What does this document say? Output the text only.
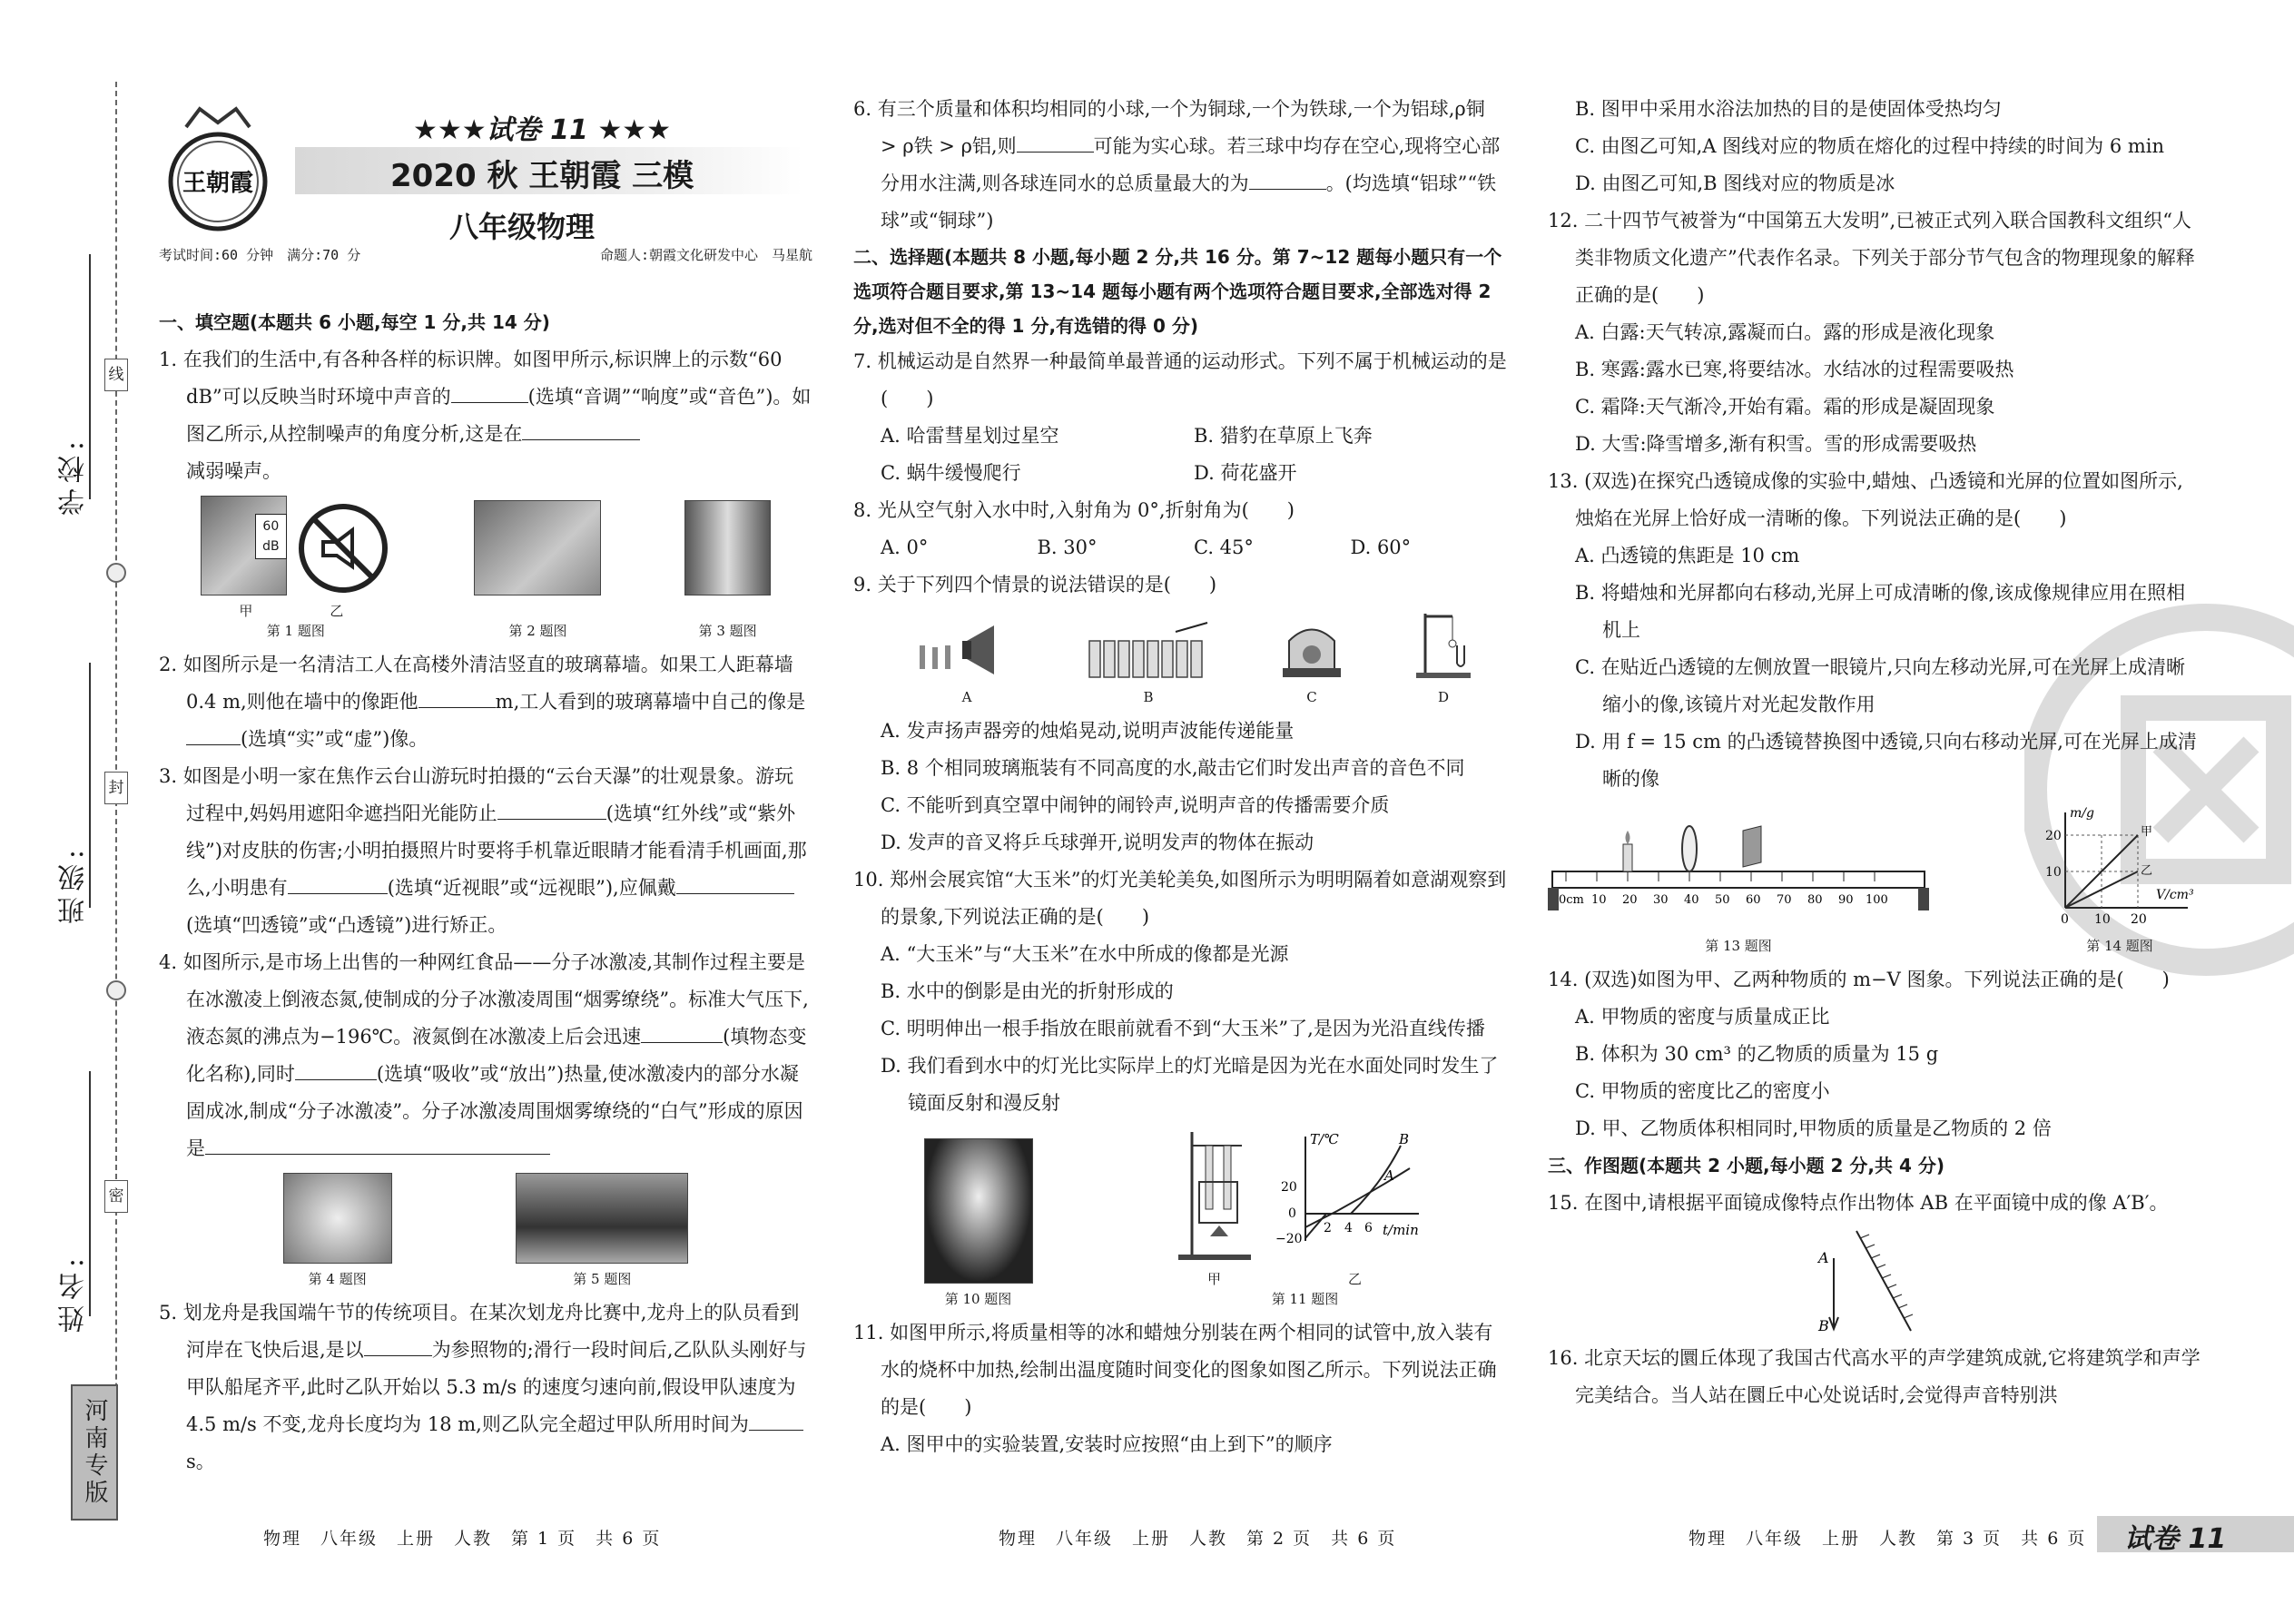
学校:
班级:
姓名:
线
封
密
河南专版
王朝霞
★★★试卷 11 ★★★
2020 秋 王朝霞 三模
八年级物理
考试时间:60 分钟　满分:70 分	命题人:朝霞文化研发中心　马星航
一、填空题(本题共 6 小题,每空 1 分,共 14 分)
1. 在我们的生活中,有各种各样的标识牌。如图甲所示,标识牌上的示数“60 dB”可以反映当时环境中声音的	(选填“音调”“响度”或“音色”)。如图乙所示,从控制噪声的角度分析,这是在
减弱噪声。
60 dB
甲	乙
第 1 题图	第 2 题图	第 3 题图
2. 如图所示是一名清洁工人在高楼外清洁竖直的玻璃幕墙。如果工人距幕墙 0.4 m,则他在墙中的像距他	m,工人看到的玻璃幕墙中自己的像是(选填“实”或“虚”)像。
3. 如图是小明一家在焦作云台山游玩时拍摄的“云台天瀑”的壮观景象。游玩过程中,妈妈用遮阳伞遮挡阳光能防止	(选填“红外线”或“紫外线”)对皮肤的伤害;小明拍摄照片时要将手机靠近眼睛才能看清手机画面,那么,小明患有	(选填“近视眼”或“远视眼”),应佩戴(选填“凹透镜”或“凸透镜”)进行矫正。
4. 如图所示,是市场上出售的一种网红食品——分子冰激凌,其制作过程主要是在冰激凌上倒液态氮,使制成的分子冰激凌周围“烟雾缭绕”。标准大气压下,液态氮的沸点为−196℃。液氮倒在冰激凌上后会迅速	(填物态变化名称),同时	(选填“吸收”或“放出”)热量,使冰激凌内的部分水凝固成冰,制成“分子冰激凌”。分子冰激凌周围烟雾缭绕的“白气”形成的原因是
第 4 题图	第 5 题图
5. 划龙舟是我国端午节的传统项目。在某次划龙舟比赛中,龙舟上的队员看到河岸在飞快后退,是以	为参照物的;滑行一段时间后,乙队队头刚好与甲队船尾齐平,此时乙队开始以 5.3 m/s 的速度匀速向前,假设甲队速度为 4.5 m/s 不变,龙舟长度均为 18 m,则乙队完全超过甲队所用时间为s。
6. 有三个质量和体积均相同的小球,一个为铜球,一个为铁球,一个为铝球,ρ铜 > ρ铁 > ρ铝,则	可能为实心球。若三球中均存在空心,现将空心部分用水注满,则各球连同水的总质量最大的为	。(均选填“铝球”“铁球”或“铜球”)
二、选择题(本题共 8 小题,每小题 2 分,共 16 分。第 7~12 题每小题只有一个选项符合题目要求,第 13~14 题每小题有两个选项符合题目要求,全部选对得 2 分,选对但不全的得 1 分,有选错的得 0 分)
7. 机械运动是自然界一种最简单最普通的运动形式。下列不属于机械运动的是(　　)
A. 哈雷彗星划过星空	B. 猎豹在草原上飞奔
C. 蜗牛缓慢爬行	D. 荷花盛开
8. 光从空气射入水中时,入射角为 0°,折射角为(　　)
A. 0°	B. 30°	C. 45°	D. 60°
9. 关于下列四个情景的说法错误的是(　　)
A	B	C	D
A. 发声扬声器旁的烛焰晃动,说明声波能传递能量
B. 8 个相同玻璃瓶装有不同高度的水,敲击它们时发出声音的音色不同
C. 不能听到真空罩中闹钟的闹铃声,说明声音的传播需要介质
D. 发声的音叉将乒乓球弹开,说明发声的物体在振动
10. 郑州会展宾馆“大玉米”的灯光美轮美奂,如图所示为明明隔着如意湖观察到的景象,下列说法正确的是(　　)
A. “大玉米”与“大玉米”在水中所成的像都是光源
B. 水中的倒影是由光的折射形成的
C. 明明伸出一根手指放在眼前就看不到“大玉米”了,是因为光沿直线传播
D. 我们看到水中的灯光比实际岸上的灯光暗是因为光在水面处同时发生了镜面反射和漫反射
第 10 题图
甲
T/℃
t/min
20
0
−20
2 4 6
B
A
乙
第 11 题图
11. 如图甲所示,将质量相等的冰和蜡烛分别装在两个相同的试管中,放入装有水的烧杯中加热,绘制出温度随时间变化的图象如图乙所示。下列说法正确的是(　　)
A. 图甲中的实验装置,安装时应按照“由上到下”的顺序
B. 图甲中采用水浴法加热的目的是使固体受热均匀
C. 由图乙可知,A 图线对应的物质在熔化的过程中持续的时间为 6 min
D. 由图乙可知,B 图线对应的物质是冰
12. 二十四节气被誉为“中国第五大发明”,已被正式列入联合国教科文组织“人类非物质文化遗产”代表作名录。下列关于部分节气包含的物理现象的解释正确的是(　　)
A. 白露:天气转凉,露凝而白。露的形成是液化现象
B. 寒露:露水已寒,将要结冰。水结冰的过程需要吸热
C. 霜降:天气渐冷,开始有霜。霜的形成是凝固现象
D. 大雪:降雪增多,渐有积雪。雪的形成需要吸热
13. (双选)在探究凸透镜成像的实验中,蜡烛、凸透镜和光屏的位置如图所示,烛焰在光屏上恰好成一清晰的像。下列说法正确的是(　　)
A. 凸透镜的焦距是 10 cm
B. 将蜡烛和光屏都向右移动,光屏上可成清晰的像,该成像规律应用在照相机上
C. 在贴近凸透镜的左侧放置一眼镜片,只向左移动光屏,可在光屏上成清晰缩小的像,该镜片对光起发散作用
D. 用 f = 15 cm 的凸透镜替换图中透镜,只向右移动光屏,可在光屏上成清晰的像
0cm 10 20 30 40 50 60 70 80 90 100
第 13 题图
m/g
V/cm³
20
10
0 10 20
甲
乙
第 14 题图
14. (双选)如图为甲、乙两种物质的 m−V 图象。下列说法正确的是(　　)
A. 甲物质的密度与质量成正比
B. 体积为 30 cm³ 的乙物质的质量为 15 g
C. 甲物质的密度比乙的密度小
D. 甲、乙物质体积相同时,甲物质的质量是乙物质的 2 倍
三、作图题(本题共 2 小题,每小题 2 分,共 4 分)
15. 在图中,请根据平面镜成像特点作出物体 AB 在平面镜中成的像 A′B′。
A
B
16. 北京天坛的圜丘体现了我国古代高水平的声学建筑成就,它将建筑学和声学完美结合。当人站在圜丘中心处说话时,会觉得声音特别洪
物理　八年级　上册　人教　第 1 页　共 6 页	物理　八年级　上册　人教　第 2 页　共 6 页	物理　八年级　上册　人教　第 3 页　共 6 页 试卷 11
